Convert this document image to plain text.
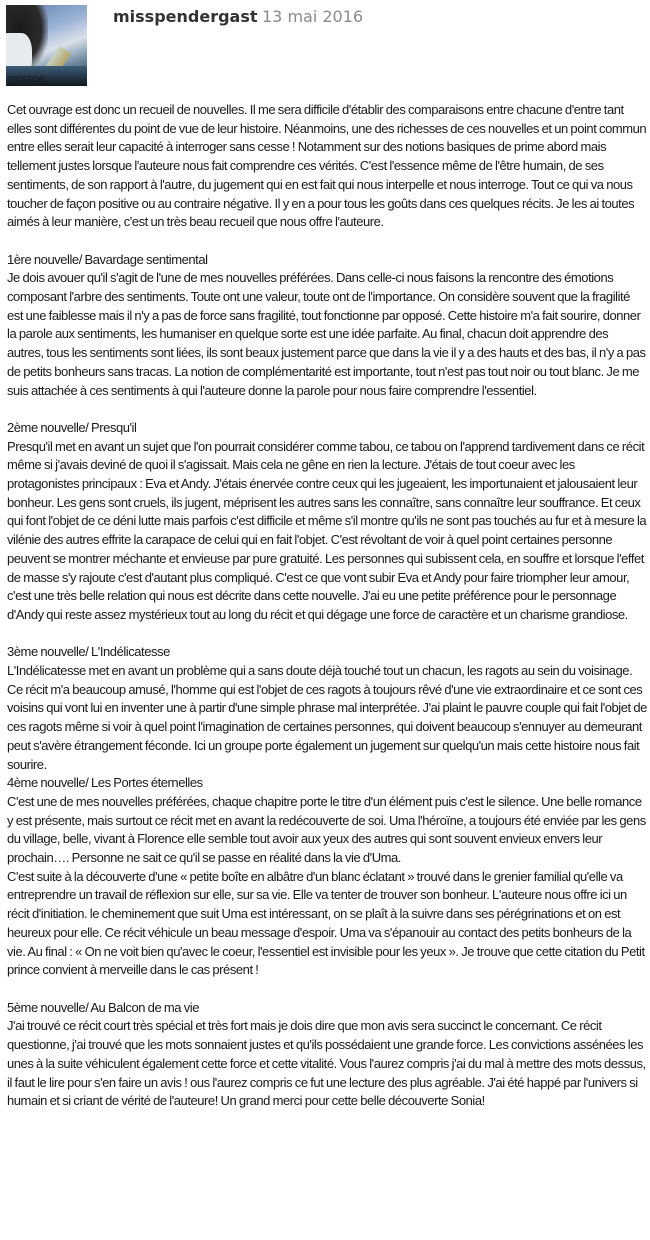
misspe
misspendergast 13 mai 2016

Cet ouvrage est donc un recueil de nouvelles. Il me sera difficile d'établir des comparaisons entre chacune d'entre tant elles sont différentes du point de vue de leur histoire. Néanmoins, une des richesses de ces nouvelles et un point commun entre elles serait leur capacité à interroger sans cesse ! Notamment sur des notions basiques de prime abord mais tellement justes lorsque l'auteure nous fait comprendre ces vérités. C'est l'essence même de l'être humain, de ses sentiments, de son rapport à l'autre, du jugement qui en est fait qui nous interpelle et nous interroge. Tout ce qui va nous toucher de façon positive ou au contraire négative. Il y en a pour tous les goûts dans ces quelques récits. Je les ai toutes aimés à leur manière, c'est un très beau recueil que nous offre l'auteure.

1ère nouvelle/ Bavardage sentimental

Je dois avouer qu'il s'agit de l'une de mes nouvelles préférées. Dans celle-ci nous faisons la rencontre des émotions composant l'arbre des sentiments. Toute ont une valeur, toute ont de l'importance. On considère souvent que la fragilité est une faiblesse mais il n'y a pas de force sans fragilité, tout fonctionne par opposé. Cette histoire m'a fait sourire, donner la parole aux sentiments, les humaniser en quelque sorte est une idée parfaite. Au final, chacun doit apprendre des autres, tous les sentiments sont liées, ils sont beaux justement parce que dans la vie il y a des hauts et des bas, il n'y a pas de petits bonheurs sans tracas. La notion de complémentarité est importante, tout n'est pas tout noir ou tout blanc. Je me suis attachée à ces sentiments à qui l'auteure donne la parole pour nous faire comprendre l'essentiel.

2ème nouvelle/ Presqu'il

Presqu'il met en avant un sujet que l'on pourrait considérer comme tabou, ce tabou on l'apprend tardivement dans ce récit même si j'avais deviné de quoi il s'agissait. Mais cela ne gêne en rien la lecture. J'étais de tout coeur avec les protagonistes principaux : Eva et Andy. J'étais énervée contre ceux qui les jugeaient, les importunaient et jalousaient leur bonheur. Les gens sont cruels, ils jugent, méprisent les autres sans les connaître, sans connaître leur souffrance. Et ceux qui font l'objet de ce déni lutte mais parfois c'est difficile et même s'il montre qu'ils ne sont pas touchés au fur et à mesure la vilénie des autres effrite la carapace de celui qui en fait l'objet. C'est révoltant de voir à quel point certaines personne peuvent se montrer méchante et envieuse par pure gratuité. Les personnes qui subissent cela, en souffre et lorsque l'effet de masse s'y rajoute c'est d'autant plus compliqué. C'est ce que vont subir Eva et Andy pour faire triompher leur amour, c'est une très belle relation qui nous est décrite dans cette nouvelle. J'ai eu une petite préférence pour le personnage d'Andy qui reste assez mystérieux tout au long du récit et qui dégage une force de caractère et un charisme grandiose.

3ème nouvelle/ L'Indélicatesse

L'Indélicatesse met en avant un problème qui a sans doute déjà touché tout un chacun, les ragots au sein du voisinage. Ce récit m'a beaucoup amusé, l'homme qui est l'objet de ces ragots à toujours rêvé d'une vie extraordinaire et ce sont ces voisins qui vont lui en inventer une à partir d'une simple phrase mal interprétée. J'ai plaint le pauvre couple qui fait l'objet de ces ragots même si voir à quel point l'imagination de certaines personnes, qui doivent beaucoup s'ennuyer au demeurant peut s'avère étrangement féconde. Ici un groupe porte également un jugement sur quelqu'un mais cette histoire nous fait sourire.

4ème nouvelle/ Les Portes éternelles

C'est une de mes nouvelles préférées, chaque chapitre porte le titre d'un élément puis c'est le silence. Une belle romance y est présente, mais surtout ce récit met en avant la redécouverte de soi. Uma l'héroïne, a toujours été enviée par les gens du village, belle, vivant à Florence elle semble tout avoir aux yeux des autres qui sont souvent envieux envers leur prochain…. Personne ne sait ce qu'il se passe en réalité dans la vie d'Uma.

C'est suite à la découverte d'une « petite boîte en albâtre d'un blanc éclatant » trouvé dans le grenier familial qu'elle va entreprendre un travail de réflexion sur elle, sur sa vie. Elle va tenter de trouver son bonheur. L'auteure nous offre ici un récit d'initiation. le cheminement que suit Uma est intéressant, on se plaît à la suivre dans ses pérégrinations et on est heureux pour elle. Ce récit véhicule un beau message d'espoir. Uma va s'épanouir au contact des petits bonheurs de la vie. Au final : « On ne voit bien qu'avec le coeur, l'essentiel est invisible pour les yeux ». Je trouve que cette citation du Petit prince convient à merveille dans le cas présent !

5ème nouvelle/ Au Balcon de ma vie

J'ai trouvé ce récit court très spécial et très fort mais je dois dire que mon avis sera succinct le concernant. Ce récit questionne, j'ai trouvé que les mots sonnaient justes et qu'ils possédaient une grande force. Les convictions assénées les unes à la suite véhiculent également cette force et cette vitalité. Vous l'aurez compris j'ai du mal à mettre des mots dessus, il faut le lire pour s'en faire un avis ! ous l'aurez compris ce fut une lecture des plus agréable. J'ai été happé par l'univers si humain et si criant de vérité de l'auteure! Un grand merci pour cette belle découverte Sonia!
